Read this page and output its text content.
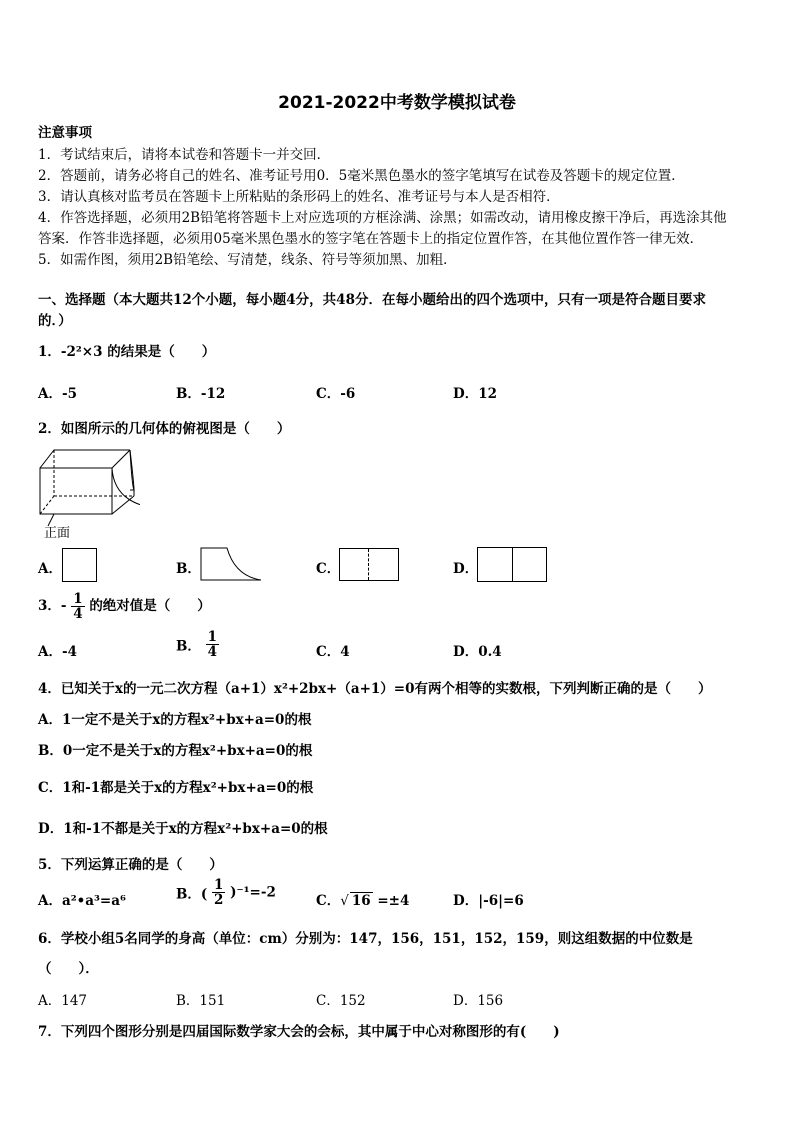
2021-2022中考数学模拟试卷
注意事项
1．考试结束后，请将本试卷和答题卡一并交回．
2．答题前，请务必将自己的姓名、准考证号用0．5毫米黑色墨水的签字笔填写在试卷及答题卡的规定位置．
3．请认真核对监考员在答题卡上所粘贴的条形码上的姓名、准考证号与本人是否相符．
4．作答选择题，必须用2B铅笔将答题卡上对应选项的方框涂满、涂黑；如需改动，请用橡皮擦干净后，再选涂其他
答案．作答非选择题，必须用05毫米黑色墨水的签字笔在答题卡上的指定位置作答，在其他位置作答一律无效．
5．如需作图，须用2B铅笔绘、写清楚，线条、符号等须加黑、加粗．
一、选择题（本大题共12个小题，每小题4分，共48分．在每小题给出的四个选项中，只有一项是符合题目要求
的．）
1．-2²×3 的结果是（　　）
A．-5	B．-12	C．-6	D．12
2．如图所示的几何体的俯视图是（　　）
正面
A．	B．	C．	D．
3．- $\frac{1}{4}$ 的绝对值是（　　）
A．-4	B． $\frac{1}{4}$	C．4	D．0.4
4．已知关于x的一元二次方程（a+1）x²+2bx+（a+1）=0有两个相等的实数根，下列判断正确的是（　　）
A．1一定不是关于x的方程x²+bx+a=0的根
B．0一定不是关于x的方程x²+bx+a=0的根
C．1和-1都是关于x的方程x²+bx+a=0的根
D．1和-1不都是关于x的方程x²+bx+a=0的根
5．下列运算正确的是（　　）
A．a²•a³=a⁶	B．( $\frac{1}{2} )^{-1}=-2$
C．√ 16 =±4	D．|-6|=6
6．学校小组5名同学的身高（单位：cm）分别为：147，156，151，152，159，则这组数据的中位数是
（　　）．
A．147	B．151	C．152	D．156
7．下列四个图形分别是四届国际数学家大会的会标，其中属于中心对称图形的有(　　)
